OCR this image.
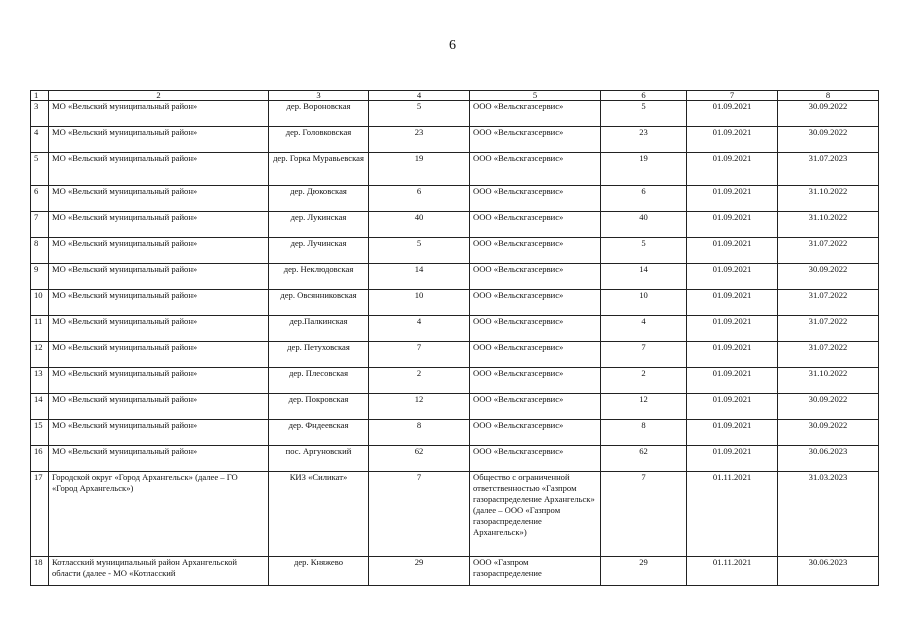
6
1	2	3	4	5	6	7	8
3	МО «Вельский муниципальный район»	дер. Вороновская	5	ООО «Вельскгазсервис»	5	01.09.2021	30.09.2022
4	МО «Вельский муниципальный район»	дер. Головковская	23	ООО «Вельскгазсервис»	23	01.09.2021	30.09.2022
5	МО «Вельский муниципальный район»	дер. Горка Муравьевская	19	ООО «Вельскгазсервис»	19	01.09.2021	31.07.2023
6	МО «Вельский муниципальный район»	дер. Дюковская	6	ООО «Вельскгазсервис»	6	01.09.2021	31.10.2022
7	МО «Вельский муниципальный район»	дер. Лукинская	40	ООО «Вельскгазсервис»	40	01.09.2021	31.10.2022
8	МО «Вельский муниципальный район»	дер. Лучинская	5	ООО «Вельскгазсервис»	5	01.09.2021	31.07.2022
9	МО «Вельский муниципальный район»	дер. Неклюдовская	14	ООО «Вельскгазсервис»	14	01.09.2021	30.09.2022
10	МО «Вельский муниципальный район»	дер. Овсянниковская	10	ООО «Вельскгазсервис»	10	01.09.2021	31.07.2022
11	МО «Вельский муниципальный район»	дер.Палкинская	4	ООО «Вельскгазсервис»	4	01.09.2021	31.07.2022
12	МО «Вельский муниципальный район»	дер. Петуховская	7	ООО «Вельскгазсервис»	7	01.09.2021	31.07.2022
13	МО «Вельский муниципальный район»	дер. Плесовская	2	ООО «Вельскгазсервис»	2	01.09.2021	31.10.2022
14	МО «Вельский муниципальный район»	дер. Покровская	12	ООО «Вельскгазсервис»	12	01.09.2021	30.09.2022
15	МО «Вельский муниципальный район»	дер. Фндеевская	8	ООО «Вельскгазсервис»	8	01.09.2021	30.09.2022
16	МО «Вельский муниципальный район»	пос. Аргуновский	62	ООО «Вельскгазсервис»	62	01.09.2021	30.06.2023
17	Городской округ «Город Архангельск» (далее – ГО «Город Архангельск»)	КИЗ «Силикат»	7	Общество с ограниченной ответственностью «Газпром газораспределение Архангельск» (далее – ООО «Газпром газораспределение Архангельск»)	7	01.11.2021	31.03.2023
18	Котласский муниципальный район Архангельской области (далее - МО «Котласский	дер. Княжево	29	ООО «Газпром газораспределение	29	01.11.2021	30.06.2023
